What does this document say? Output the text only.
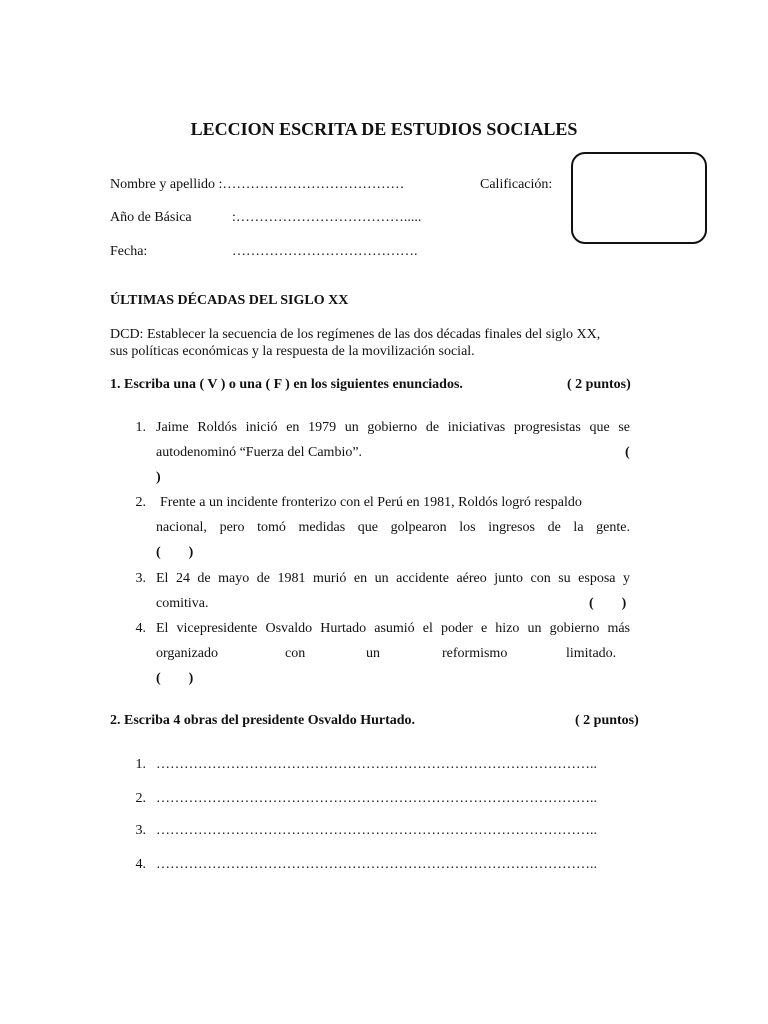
LECCION ESCRITA DE ESTUDIOS SOCIALES
Nombre y apellido :…………………………………	Calificación:
Año de Básica	:……………………………….....
Fecha:	………………………………….
ÚLTIMAS DÉCADAS DEL SIGLO XX
DCD: Establecer la secuencia de los regímenes de las dos décadas finales del siglo XX,
sus políticas económicas y la respuesta de la movilización social.
1. Escriba una ( V ) o una ( F ) en los siguientes enunciados.	( 2 puntos)
1. Jaime Roldós inició en 1979 un gobierno de iniciativas progresistas que se
autodenominó “Fuerza del Cambio”.	(
)
2. Frente a un incidente fronterizo con el Perú en 1981, Roldós logró respaldo
nacional, pero tomó medidas que golpearon los ingresos de la gente.
(        )
3. El 24 de mayo de 1981 murió en un accidente aéreo junto con su esposa y
comitiva.	(        )
4. El vicepresidente Osvaldo Hurtado asumió el poder e hizo un gobierno más
organizado	con	un	reformismo	limitado.
(        )
2. Escriba 4 obras del presidente Osvaldo Hurtado.	( 2 puntos)
1. …………………………………………………………………………………..
2. …………………………………………………………………………………..
3. …………………………………………………………………………………..
4. …………………………………………………………………………………..
